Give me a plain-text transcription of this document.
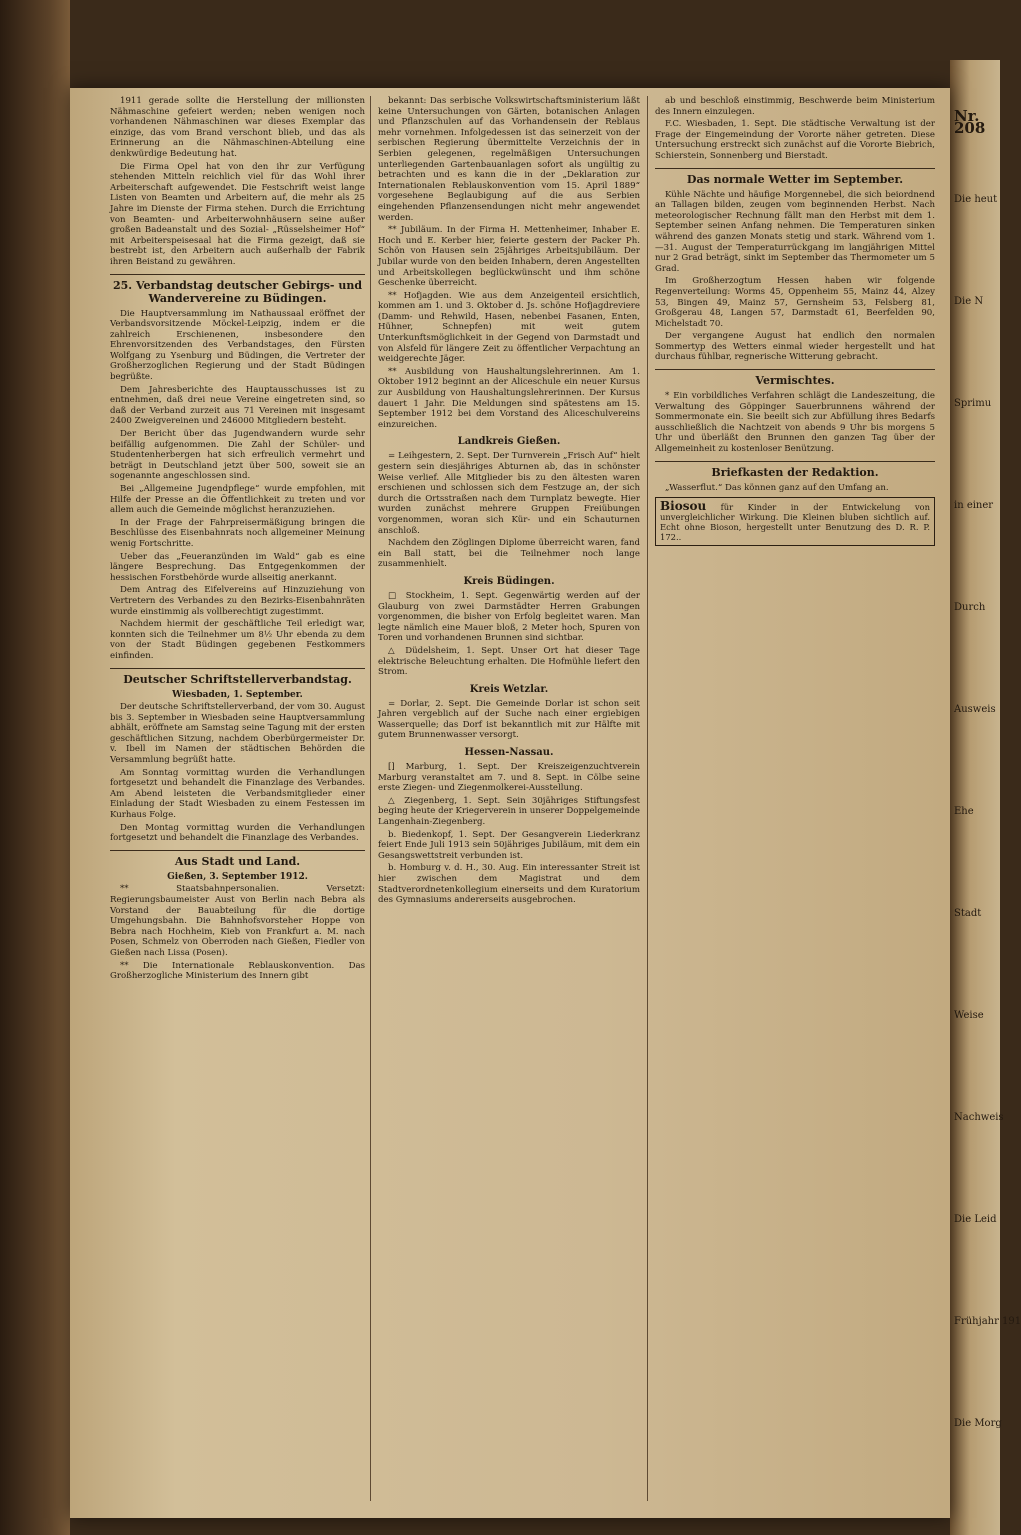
Nr. 208
Die heut
Die N
Sprimu
in einer
Durch
Ausweis
Ehe
Stadt
Weise
Nachweis
Die Leid
Frühjahr 191
Die Morg

1911 gerade sollte die Herstellung der millionsten Nähmaschine gefeiert werden; neben wenigen noch vorhandenen Nähmaschinen war dieses Exemplar das einzige, das vom Brand verschont blieb, und das als Erinnerung an die Nähmaschinen-Abteilung eine denkwürdige Bedeutung hat.

Die Firma Opel hat von den ihr zur Verfügung stehenden Mitteln reichlich viel für das Wohl ihrer Arbeiterschaft aufgewendet. Die Festschrift weist lange Listen von Beamten und Arbeitern auf, die mehr als 25 Jahre im Dienste der Firma stehen. Durch die Errichtung von Beamten- und Arbeiterwohnhäusern seine außer großen Badeanstalt und des Sozial- „Rüsselsheimer Hof“ mit Arbeiterspeisesaal hat die Firma gezeigt, daß sie bestrebt ist, den Arbeitern auch außerhalb der Fabrik ihren Beistand zu gewähren.

25. Verbandstag deutscher Gebirgs- und Wandervereine zu Büdingen.

Die Hauptversammlung im Nathaussaal eröffnet der Verbandsvorsitzende Möckel-Leipzig, indem er die zahlreich Erschienenen, insbesondere den Ehrenvorsitzenden des Verbandstages, den Fürsten Wolfgang zu Ysenburg und Büdingen, die Vertreter der Großherzoglichen Regierung und der Stadt Büdingen begrüßte.

Dem Jahresberichte des Hauptausschusses ist zu entnehmen, daß drei neue Vereine eingetreten sind, so daß der Verband zurzeit aus 71 Vereinen mit insgesamt 2400 Zweigvereinen und 246000 Mitgliedern besteht.

Der Bericht über das Jugendwandern wurde sehr beifällig aufgenommen. Die Zahl der Schüler- und Studentenherbergen hat sich erfreulich vermehrt und beträgt in Deutschland jetzt über 500, soweit sie an sogenannte angeschlossen sind.

Bei „Allgemeine Jugendpflege“ wurde empfohlen, mit Hilfe der Presse an die Öffentlichkeit zu treten und vor allem auch die Gemeinde möglichst heranzuziehen.

In der Frage der Fahrpreisermäßigung bringen die Beschlüsse des Eisenbahnrats noch allgemeiner Meinung wenig Fortschritte.

Ueber das „Feueranzünden im Wald“ gab es eine längere Besprechung. Das Entgegenkommen der hessischen Forstbehörde wurde allseitig anerkannt.

Dem Antrag des Eifelvereins auf Hinzuziehung von Vertretern des Verbandes zu den Bezirks-Eisenbahnräten wurde einstimmig als vollberechtigt zugestimmt.

Nachdem hiermit der geschäftliche Teil erledigt war, konnten sich die Teilnehmer um 8½ Uhr ebenda zu dem von der Stadt Büdingen gegebenen Festkommers einfinden.

Deutscher Schriftstellerverbandstag.
Wiesbaden, 1. September.

Der deutsche Schriftstellerverband, der vom 30. August bis 3. September in Wiesbaden seine Hauptversammlung abhält, eröffnete am Samstag seine Tagung mit der ersten geschäftlichen Sitzung, nachdem Oberbürgermeister Dr. v. Ibell im Namen der städtischen Behörden die Versammlung begrüßt hatte.

Am Sonntag vormittag wurden die Verhandlungen fortgesetzt und behandelt die Finanzlage des Verbandes. Am Abend leisteten die Verbandsmitglieder einer Einladung der Stadt Wiesbaden zu einem Festessen im Kurhaus Folge.

Den Montag vormittag wurden die Verhandlungen fortgesetzt und behandelt die Finanzlage des Verbandes.

Aus Stadt und Land.
Gießen, 3. September 1912.

** Staatsbahnpersonalien. Versetzt: Regierungsbaumeister Aust von Berlin nach Bebra als Vorstand der Bauabteilung für die dortige Umgehungsbahn. Die Bahnhofsvorsteher Hoppe von Bebra nach Hochheim, Kieb von Frankfurt a. M. nach Posen, Schmelz von Oberroden nach Gießen, Fiedler von Gießen nach Lissa (Posen).

** Die Internationale Reblauskonvention. Das Großherzogliche Ministerium des Innern gibt

bekannt: Das serbische Volkswirtschaftsministerium läßt keine Untersuchungen von Gärten, botanischen Anlagen und Pflanzschulen auf das Vorhandensein der Reblaus mehr vornehmen. Infolgedessen ist das seinerzeit von der serbischen Regierung übermittelte Verzeichnis der in Serbien gelegenen, regelmäßigen Untersuchungen unterliegenden Gartenbauanlagen sofort als ungültig zu betrachten und es kann die in der „Deklaration zur Internationalen Reblauskonvention vom 15. April 1889“ vorgesehene Beglaubigung auf die aus Serbien eingehenden Pflanzensendungen nicht mehr angewendet werden.

** Jubiläum. In der Firma H. Mettenheimer, Inhaber E. Hoch und E. Kerber hier, feierte gestern der Packer Ph. Schön von Hausen sein 25jähriges Arbeitsjubiläum. Der Jubilar wurde von den beiden Inhabern, deren Angestellten und Arbeitskollegen beglückwünscht und ihm schöne Geschenke überreicht.

** Hofjagden. Wie aus dem Anzeigenteil ersichtlich, kommen am 1. und 3. Oktober d. Js. schöne Hofjagdreviere (Damm- und Rehwild, Hasen, nebenbei Fasanen, Enten, Hühner, Schnepfen) mit weit gutem Unterkunftsmöglichkeit in der Gegend von Darmstadt und von Alsfeld für längere Zeit zu öffentlicher Verpachtung an weidgerechte Jäger.

** Ausbildung von Haushaltungslehrerinnen. Am 1. Oktober 1912 beginnt an der Aliceschule ein neuer Kursus zur Ausbildung von Haushaltungslehrerinnen. Der Kursus dauert 1 Jahr. Die Meldungen sind spätestens am 15. September 1912 bei dem Vorstand des Aliceschulvereins einzureichen.

Landkreis Gießen.

= Leihgestern, 2. Sept. Der Turnverein „Frisch Auf“ hielt gestern sein diesjähriges Abturnen ab, das in schönster Weise verlief. Alle Mitglieder bis zu den ältesten waren erschienen und schlossen sich dem Festzuge an, der sich durch die Ortsstraßen nach dem Turnplatz bewegte. Hier wurden zunächst mehrere Gruppen Freiübungen vorgenommen, woran sich Kür- und ein Schauturnen anschloß.

Nachdem den Zöglingen Diplome überreicht waren, fand ein Ball statt, bei die Teilnehmer noch lange zusammenhielt.

Kreis Büdingen.

□ Stockheim, 1. Sept. Gegenwärtig werden auf der Glauburg von zwei Darmstädter Herren Grabungen vorgenommen, die bisher von Erfolg begleitet waren. Man legte nämlich eine Mauer bloß, 2 Meter hoch, Spuren von Toren und vorhandenen Brunnen sind sichtbar.

△ Düdelsheim, 1. Sept. Unser Ort hat dieser Tage elektrische Beleuchtung erhalten. Die Hofmühle liefert den Strom.

Kreis Wetzlar.

= Dorlar, 2. Sept. Die Gemeinde Dorlar ist schon seit Jahren vergeblich auf der Suche nach einer ergiebigen Wasserquelle; das Dorf ist bekanntlich mit zur Hälfte mit gutem Brunnenwasser versorgt.

Hessen-Nassau.

[] Marburg, 1. Sept. Der Kreiszeigenzuchtverein Marburg veranstaltet am 7. und 8. Sept. in Cölbe seine erste Ziegen- und Ziegenmolkerei-Ausstellung.

△ Ziegenberg, 1. Sept. Sein 30jähriges Stiftungsfest beging heute der Kriegerverein in unserer Doppelgemeinde Langenhain-Ziegenberg.

b. Biedenkopf, 1. Sept. Der Gesangverein Liederkranz feiert Ende Juli 1913 sein 50jähriges Jubiläum, mit dem ein Gesangswettstreit verbunden ist.

b. Homburg v. d. H., 30. Aug. Ein interessanter Streit ist hier zwischen dem Magistrat und dem Stadtverordnetenkollegium einerseits und dem Kuratorium des Gymnasiums andererseits ausgebrochen.

ab und beschloß einstimmig, Beschwerde beim Ministerium des Innern einzulegen.

F.C. Wiesbaden, 1. Sept. Die städtische Verwaltung ist der Frage der Eingemeindung der Vororte näher getreten. Diese Untersuchung erstreckt sich zunächst auf die Vororte Biebrich, Schierstein, Sonnenberg und Bierstadt.

Das normale Wetter im September.

Kühle Nächte und häufige Morgennebel, die sich beiordnend an Tallagen bilden, zeugen vom beginnenden Herbst. Nach meteorologischer Rechnung fällt man den Herbst mit dem 1. September seinen Anfang nehmen. Die Temperaturen sinken während des ganzen Monats stetig und stark. Während vom 1.—31. August der Temperaturrückgang im langjährigen Mittel nur 2 Grad beträgt, sinkt im September das Thermometer um 5 Grad.

Im Großherzogtum Hessen haben wir folgende Regenverteilung: Worms 45, Oppenheim 55, Mainz 44, Alzey 53, Bingen 49, Mainz 57, Gernsheim 53, Felsberg 81, Großgerau 48, Langen 57, Darmstadt 61, Beerfelden 90, Michelstadt 70.

Der vergangene August hat endlich den normalen Sommertyp des Wetters einmal wieder hergestellt und hat durchaus fühlbar, regnerische Witterung gebracht.

Vermischtes.

* Ein vorbildliches Verfahren schlägt die Landeszeitung, die Verwaltung des Göppinger Sauerbrunnens während der Sommermonate ein. Sie beeilt sich zur Abfüllung ihres Bedarfs ausschließlich die Nachtzeit von abends 9 Uhr bis morgens 5 Uhr und überläßt den Brunnen den ganzen Tag über der Allgemeinheit zu kostenloser Benützung.

Briefkasten der Redaktion.

„Wasserflut.“ Das können ganz auf den Umfang an.

Biosou für Kinder in der Entwickelung von unvergleichlicher Wirkung. Die Kleinen bluben sichtlich auf. Echt ohne Bioson, hergestellt unter Benutzung des D. R. P. 172..
